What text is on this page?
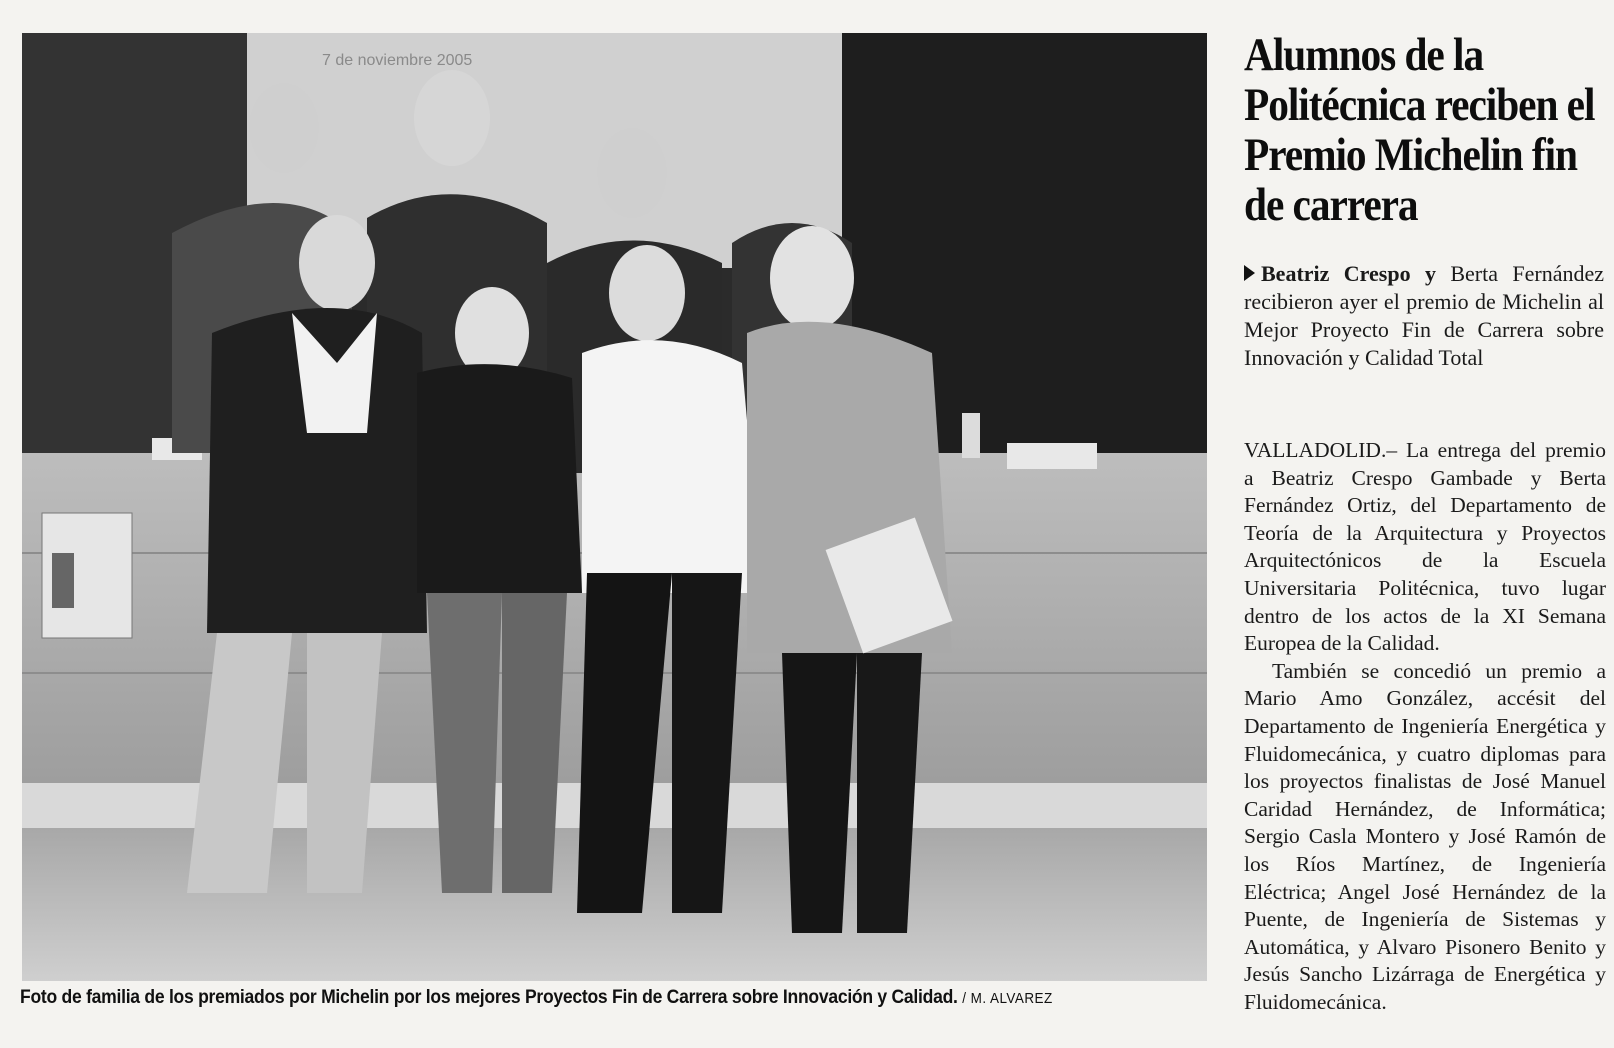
7 de noviembre 2005
Foto de familia de los premiados por Michelin por los mejores Proyectos Fin de Carrera sobre Innovación y Calidad. / M. ALVAREZ
Alumnos de la Politécnica reciben el Premio Michelin fin de carrera
Beatriz Crespo y Berta Fernández recibieron ayer el premio de Michelin al Mejor Proyecto Fin de Carrera sobre Innovación y Calidad Total

VALLADOLID.– La entrega del premio a Beatriz Crespo Gambade y Berta Fernández Ortiz, del Departamento de Teoría de la Arquitectura y Proyectos Arquitectónicos de la Escuela Universitaria Politécnica, tuvo lugar dentro de los actos de la XI Semana Europea de la Calidad.

También se concedió un premio a Mario Amo González, accésit del Departamento de Ingeniería Energética y Fluidomecánica, y cuatro diplomas para los proyectos finalistas de José Manuel Caridad Hernández, de Informática; Sergio Casla Montero y José Ramón de los Ríos Martínez, de Ingeniería Eléctrica; Angel José Hernández de la Puente, de Ingeniería de Sistemas y Automática, y Alvaro Pisonero Benito y Jesús Sancho Lizárraga de Energética y Fluidomecánica.
